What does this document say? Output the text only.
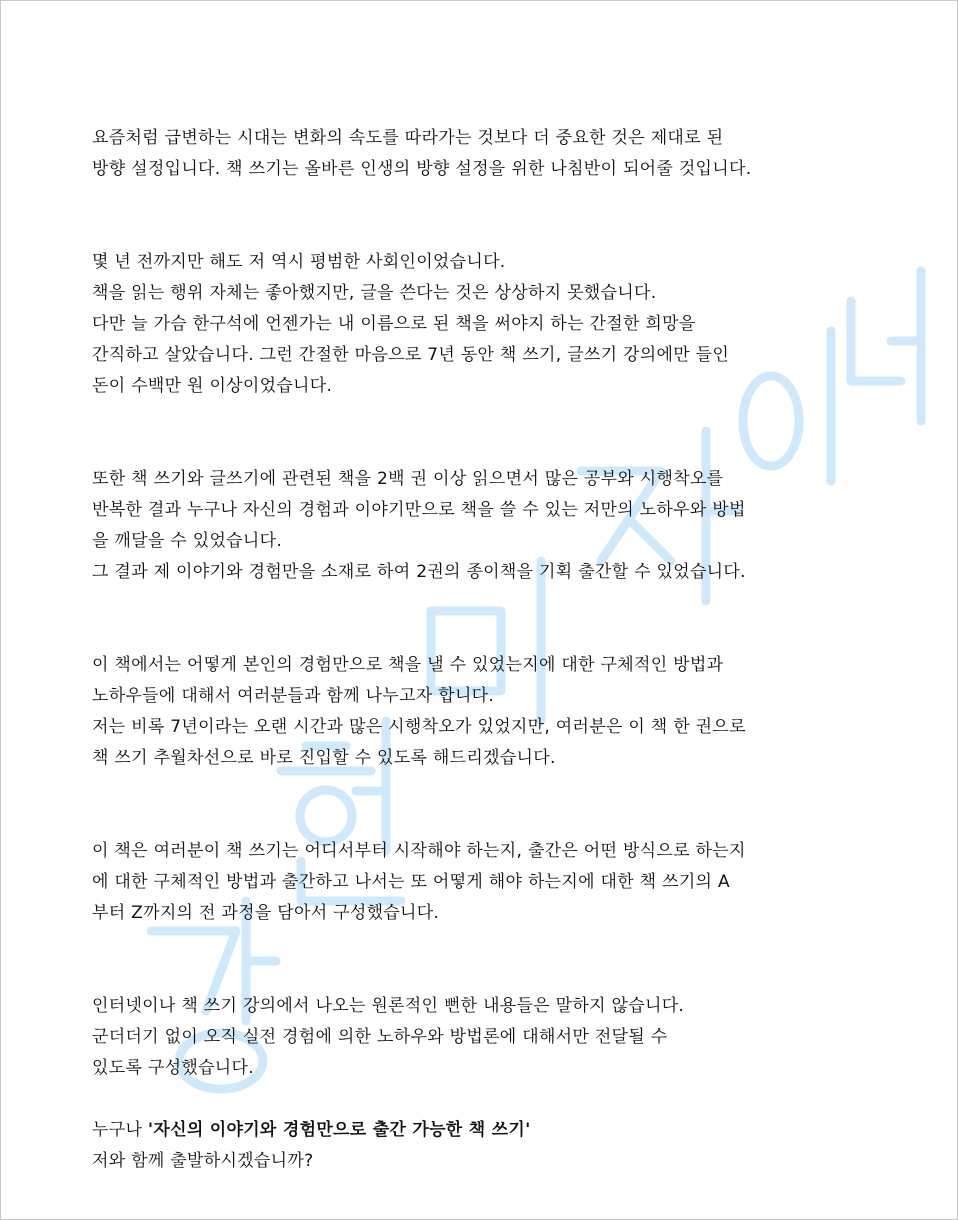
요즘처럼 급변하는 시대는 변화의 속도를 따라가는 것보다 더 중요한 것은 제대로 된
방향 설정입니다. 책 쓰기는 올바른 인생의 방향 설정을 위한 나침반이 되어줄 것입니다.

몇 년 전까지만 해도 저 역시 평범한 사회인이었습니다.
책을 읽는 행위 자체는 좋아했지만, 글을 쓴다는 것은 상상하지 못했습니다.
다만 늘 가슴 한구석에 언젠가는 내 이름으로 된 책을 써야지 하는 간절한 희망을
간직하고 살았습니다. 그런 간절한 마음으로 7년 동안 책 쓰기, 글쓰기 강의에만 들인
돈이 수백만 원 이상이었습니다.

또한 책 쓰기와 글쓰기에 관련된 책을 2백 권 이상 읽으면서 많은 공부와 시행착오를
반복한 결과 누구나 자신의 경험과 이야기만으로 책을 쓸 수 있는 저만의 노하우와 방법
을 깨달을 수 있었습니다.
그 결과 제 이야기와 경험만을 소재로 하여 2권의 종이책을 기획 출간할 수 있었습니다.

이 책에서는 어떻게 본인의 경험만으로 책을 낼 수 있었는지에 대한 구체적인 방법과
노하우들에 대해서 여러분들과 함께 나누고자 합니다.
저는 비록 7년이라는 오랜 시간과 많은 시행착오가 있었지만, 여러분은 이 책 한 권으로
책 쓰기 추월차선으로 바로 진입할 수 있도록 해드리겠습니다.

이 책은 여러분이 책 쓰기는 어디서부터 시작해야 하는지, 출간은 어떤 방식으로 하는지
에 대한 구체적인 방법과 출간하고 나서는 또 어떻게 해야 하는지에 대한 책 쓰기의 A
부터 Z까지의 전 과정을 담아서 구성했습니다.

인터넷이나 책 쓰기 강의에서 나오는 원론적인 뻔한 내용들은 말하지 않습니다.
군더더기 없이 오직 실전 경험에 의한 노하우와 방법론에 대해서만 전달될 수
있도록 구성했습니다.

누구나 '자신의 이야기와 경험만으로 출간 가능한 책 쓰기'
저와 함께 출발하시겠습니까?
